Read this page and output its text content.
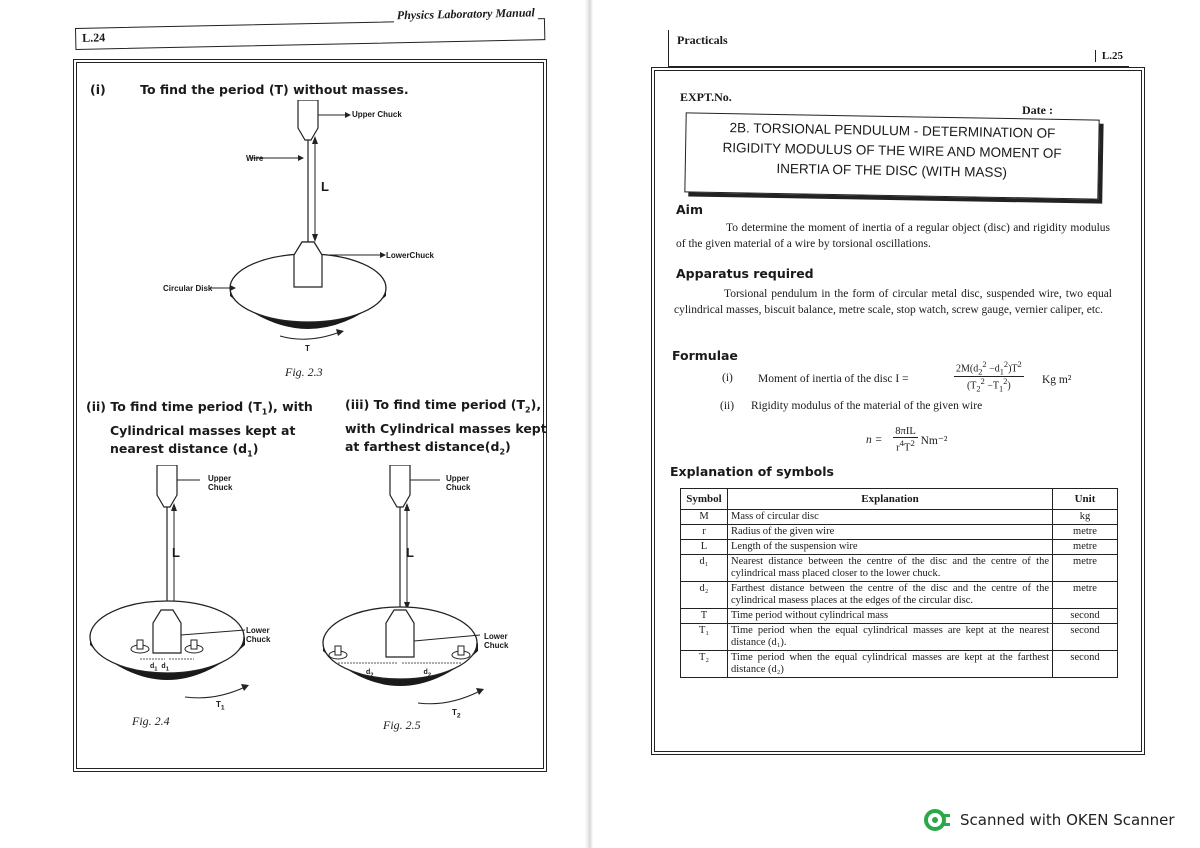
L.24
Physics Laboratory Manual
(i)	To find the period (T) without masses.
Upper Chuck
Wire
L
LowerChuck
Circular Disk
T
Fig. 2.3
(ii) To find time period $(T_1)$, with
Cylindrical masses kept at
nearest distance $(d_1)$
(iii) To find time period $(T_2)$,
with Cylindrical masses kept
at farthest $distance(d_2)$
Upper
Chuck
L
Lower
Chuck
$d_1$ $d_1$
$T_1$
Fig. 2.4
Upper
Chuck
L
Lower
Chuck
$d_2$	$d_2$
$T_2$
Fig. 2.5
Practicals
L.25
EXPT.No.
Date :
2B. TORSIONAL PENDULUM - DETERMINATION OF
RIGIDITY MODULUS OF THE WIRE AND MOMENT OF
INERTIA OF THE DISC (WITH MASS)
Aim
To determine the moment of inertia of a regular object (disc) and rigidity modulus of the given material of a wire by torsional oscillations.
Apparatus required
Torsional pendulum in the form of circular metal disc, suspended wire, two equal cylindrical masses, biscuit balance, metre scale, stop watch, screw gauge, vernier caliper, etc.
Formulae
(i) Moment of inertia of the disc I =	$\frac{2M(d_2^2 -d_1^2)T^2}{(T_2^2 -T_1^2)}$ Kg m²
(ii) Rigidity modulus of the material of the given wire
$n = \frac{\text{8πIL}}{r^4T^2} Nm^{-2}$
Explanation of symbols
Symbol	Explanation	Unit
M	Mass of circular disc	kg
r	Radius of the given wire	metre
L	Length of the suspension wire	metre
d₁	Nearest distance between the centre of the disc and the centre of the cylindrical mass placed closer to the lower chuck.	metre
d₂	Farthest distance between the centre of the disc and the centre of the cylindrical masess places at the edges of the circular disc.	metre
T	Time period without cylindrical mass	second
T₁	Time period when the equal cylindrical masses are kept at the nearest distance (d₁).	second
T₂	Time period when the equal cylindrical masses are kept at the farthest distance (d₂)	second
Scanned with OKEN Scanner
